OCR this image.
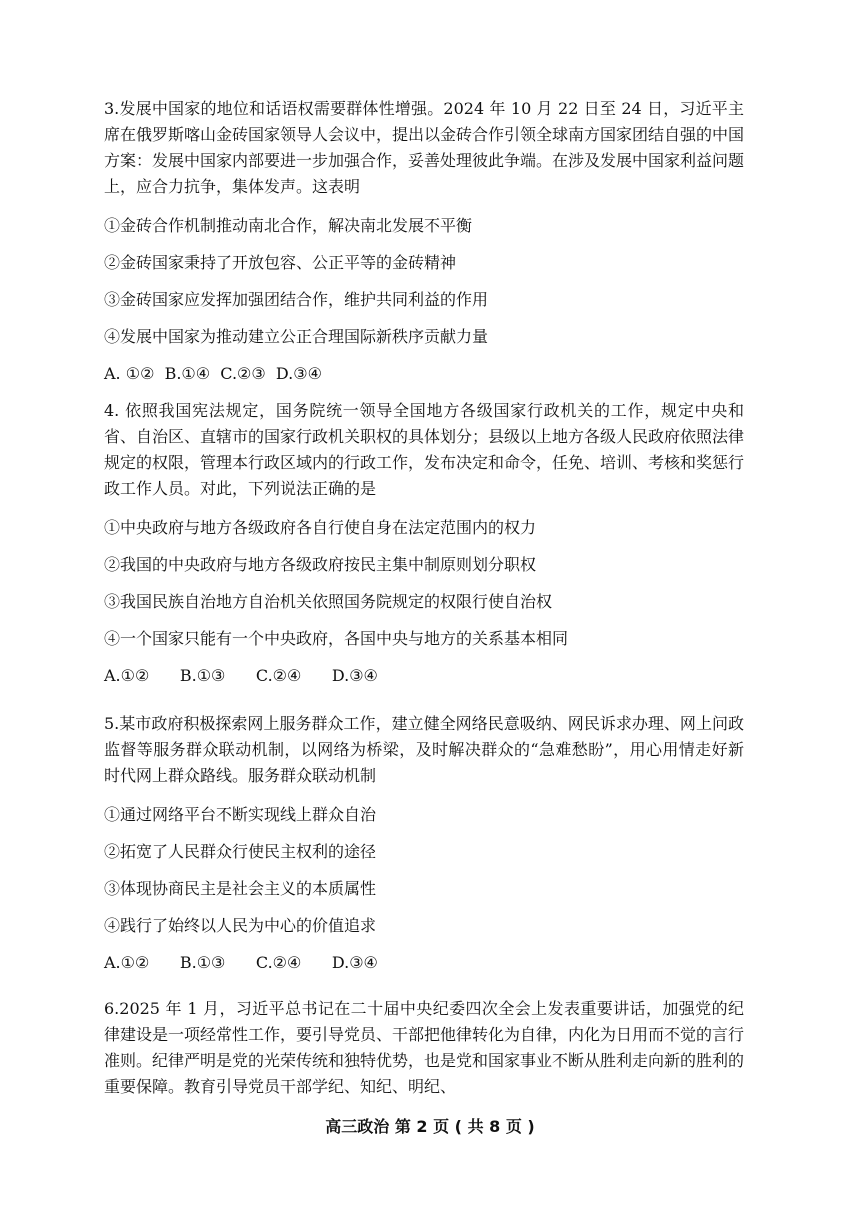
3.发展中国家的地位和话语权需要群体性增强。2024 年 10 月 22 日至 24 日，习近平主席在俄罗斯喀山金砖国家领导人会议中，提出以金砖合作引领全球南方国家团结自强的中国方案：发展中国家内部要进一步加强合作，妥善处理彼此争端。在涉及发展中国家利益问题上，应合力抗争，集体发声。这表明

①金砖合作机制推动南北合作，解决南北发展不平衡

②金砖国家秉持了开放包容、公正平等的金砖精神

③金砖国家应发挥加强团结合作，维护共同利益的作用

④发展中国家为推动建立公正合理国际新秩序贡献力量

A. ①②  B.①④  C.②③  D.③④

4. 依照我国宪法规定，国务院统一领导全国地方各级国家行政机关的工作，规定中央和省、自治区、直辖市的国家行政机关职权的具体划分；县级以上地方各级人民政府依照法律规定的权限，管理本行政区域内的行政工作，发布决定和命令，任免、培训、考核和奖惩行政工作人员。对此，下列说法正确的是

①中央政府与地方各级政府各自行使自身在法定范围内的权力

②我国的中央政府与地方各级政府按民主集中制原则划分职权

③我国民族自治地方自治机关依照国务院规定的权限行使自治权

④一个国家只能有一个中央政府，各国中央与地方的关系基本相同

A.①②      B.①③      C.②④      D.③④

5.某市政府积极探索网上服务群众工作，建立健全网络民意吸纳、网民诉求办理、网上问政监督等服务群众联动机制，以网络为桥梁，及时解决群众的“急难愁盼”，用心用情走好新时代网上群众路线。服务群众联动机制

①通过网络平台不断实现线上群众自治

②拓宽了人民群众行使民主权利的途径

③体现协商民主是社会主义的本质属性

④践行了始终以人民为中心的价值追求

A.①②      B.①③      C.②④      D.③④

6.2025 年 1 月，习近平总书记在二十届中央纪委四次全会上发表重要讲话，加强党的纪律建设是一项经常性工作，要引导党员、干部把他律转化为自律，内化为日用而不觉的言行准则。纪律严明是党的光荣传统和独特优势，也是党和国家事业不断从胜利走向新的胜利的重要保障。教育引导党员干部学纪、知纪、明纪、

高三政治 第 2 页 ( 共 8 页 )
